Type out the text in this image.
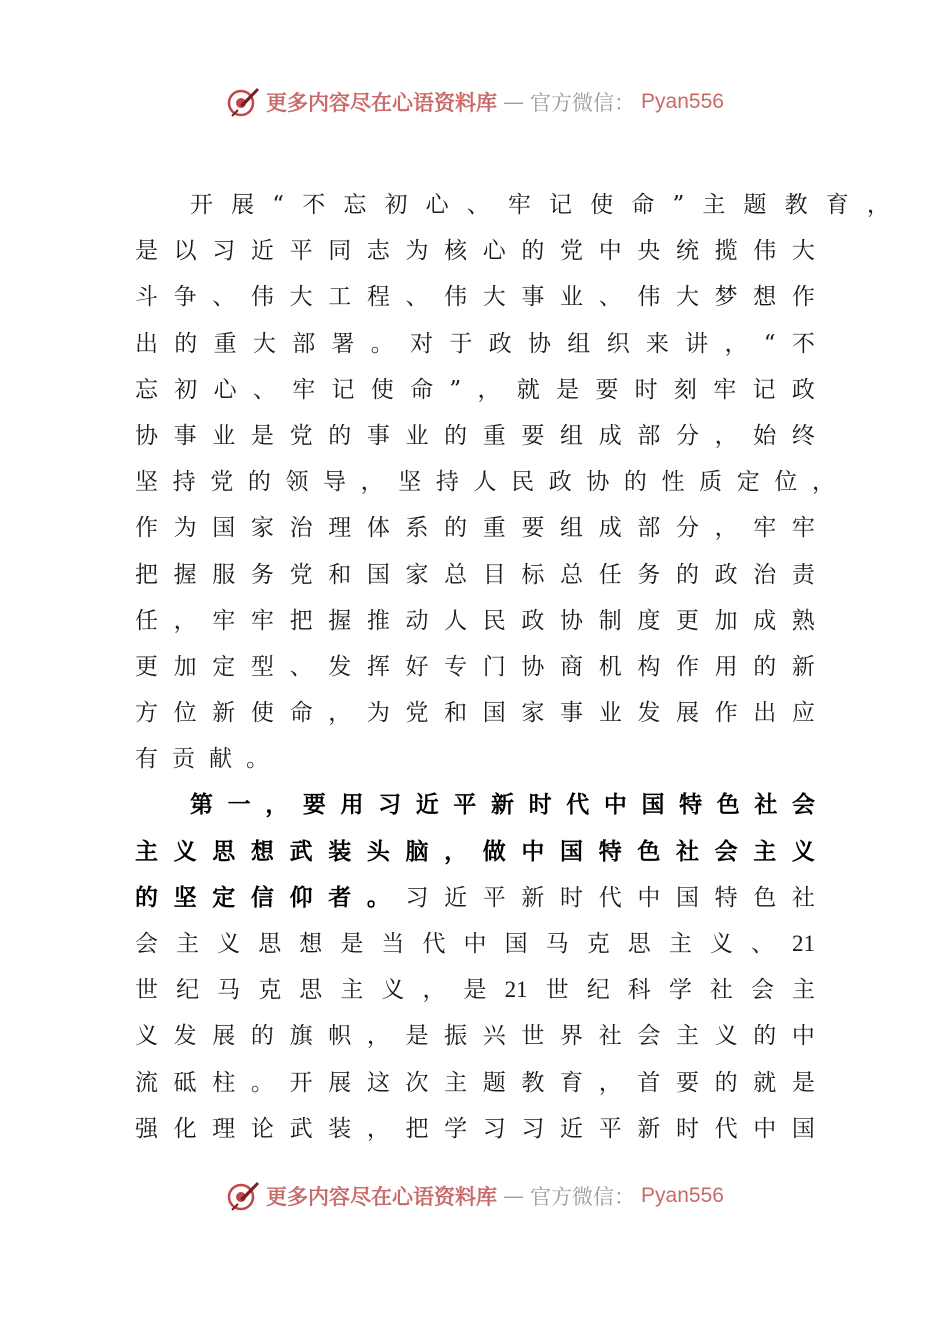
更多内容尽在心语资料库 — 官方微信： Pyan556
开 展 “ 不 忘 初 心 、 牢 记 使 命 ” 主 题 教 育 ，
是 以 习 近 平 同 志 为 核 心 的 党 中 央 统 揽 伟 大
斗 争 、 伟 大 工 程 、 伟 大 事 业 、 伟 大 梦 想 作
出 的 重 大 部 署 。 对 于 政 协 组 织 来 讲 ， “ 不
忘 初 心 、 牢 记 使 命 ” ， 就 是 要 时 刻 牢 记 政
协 事 业 是 党 的 事 业 的 重 要 组 成 部 分 ， 始 终
坚 持 党 的 领 导 ， 坚 持 人 民 政 协 的 性 质 定 位 ，
作 为 国 家 治 理 体 系 的 重 要 组 成 部 分 ， 牢 牢
把 握 服 务 党 和 国 家 总 目 标 总 任 务 的 政 治 责
任 ， 牢 牢 把 握 推 动 人 民 政 协 制 度 更 加 成 熟
更 加 定 型 、 发 挥 好 专 门 协 商 机 构 作 用 的 新
方 位 新 使 命 ， 为 党 和 国 家 事 业 发 展 作 出 应
有 贡 献 。
第 一 ， 要 用 习 近 平 新 时 代 中 国 特 色 社 会
主 义 思 想 武 装 头 脑 ， 做 中 国 特 色 社 会 主 义
的 坚 定 信 仰 者 。 习 近 平 新 时 代 中 国 特 色 社
会 主 义 思 想 是 当 代 中 国 马 克 思 主 义 、 21
世 纪 马 克 思 主 义 ， 是 21 世 纪 科 学 社 会 主
义 发 展 的 旗 帜 ， 是 振 兴 世 界 社 会 主 义 的 中
流 砥 柱 。 开 展 这 次 主 题 教 育 ， 首 要 的 就 是
强 化 理 论 武 装 ， 把 学 习 习 近 平 新 时 代 中 国
更多内容尽在心语资料库 — 官方微信： Pyan556
